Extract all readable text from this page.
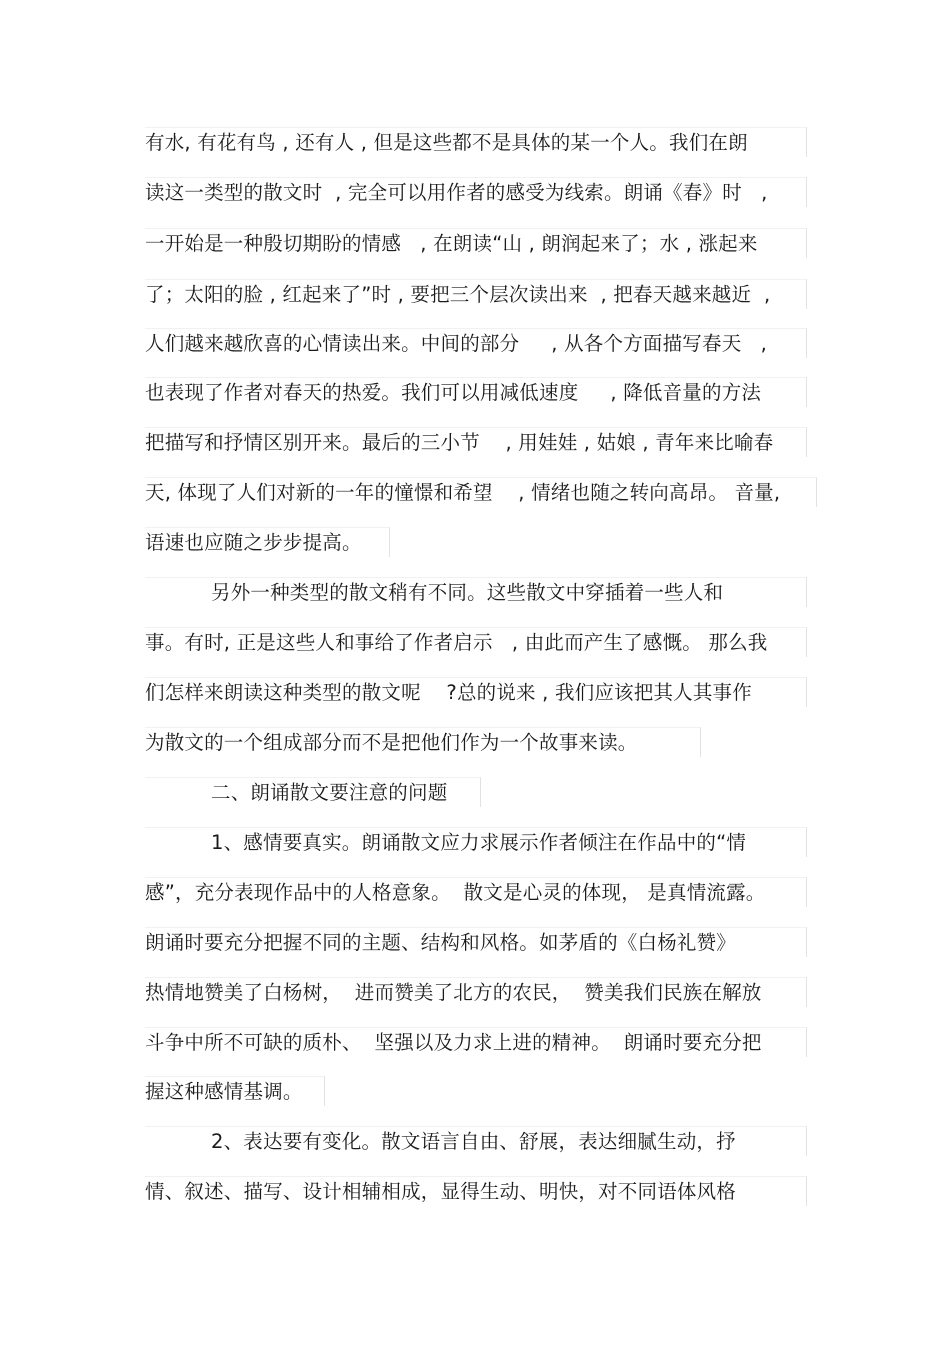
有水, 有花有鸟 , 还有人 , 但是这些都不是具体的某一个人。我们在朗
读这一类型的散文时  , 完全可以用作者的感受为线索。朗诵《春》时   ,
一开始是一种殷切期盼的情感   , 在朗读“山 , 朗润起来了；水 , 涨起来
了；太阳的脸 , 红起来了”时 , 要把三个层次读出来  , 把春天越来越近  ,
人们越来越欣喜的心情读出来。中间的部分     , 从各个方面描写春天   ,
也表现了作者对春天的热爱。我们可以用减低速度     , 降低音量的方法
把描写和抒情区别开来。最后的三小节    , 用娃娃 , 姑娘 , 青年来比喻春
天, 体现了人们对新的一年的憧憬和希望    , 情绪也随之转向高昂。 音量,
语速也应随之步步提高。
另外一种类型的散文稍有不同。这些散文中穿插着一些人和
事。有时, 正是这些人和事给了作者启示   , 由此而产生了感慨。 那么我
们怎样来朗读这种类型的散文呢    ?总的说来 , 我们应该把其人其事作
为散文的一个组成部分而不是把他们作为一个故事来读。
二、朗诵散文要注意的问题
1、感情要真实。朗诵散文应力求展示作者倾注在作品中的“情
感”，充分表现作品中的人格意象。  散文是心灵的体现， 是真情流露。
朗诵时要充分把握不同的主题、结构和风格。如茅盾的《白杨礼赞》
热情地赞美了白杨树，  进而赞美了北方的农民，  赞美我们民族在解放
斗争中所不可缺的质朴、  坚强以及力求上进的精神。  朗诵时要充分把
握这种感情基调。
2、表达要有变化。散文语言自由、舒展，表达细腻生动，抒
情、叙述、描写、设计相辅相成，显得生动、明快，对不同语体风格
